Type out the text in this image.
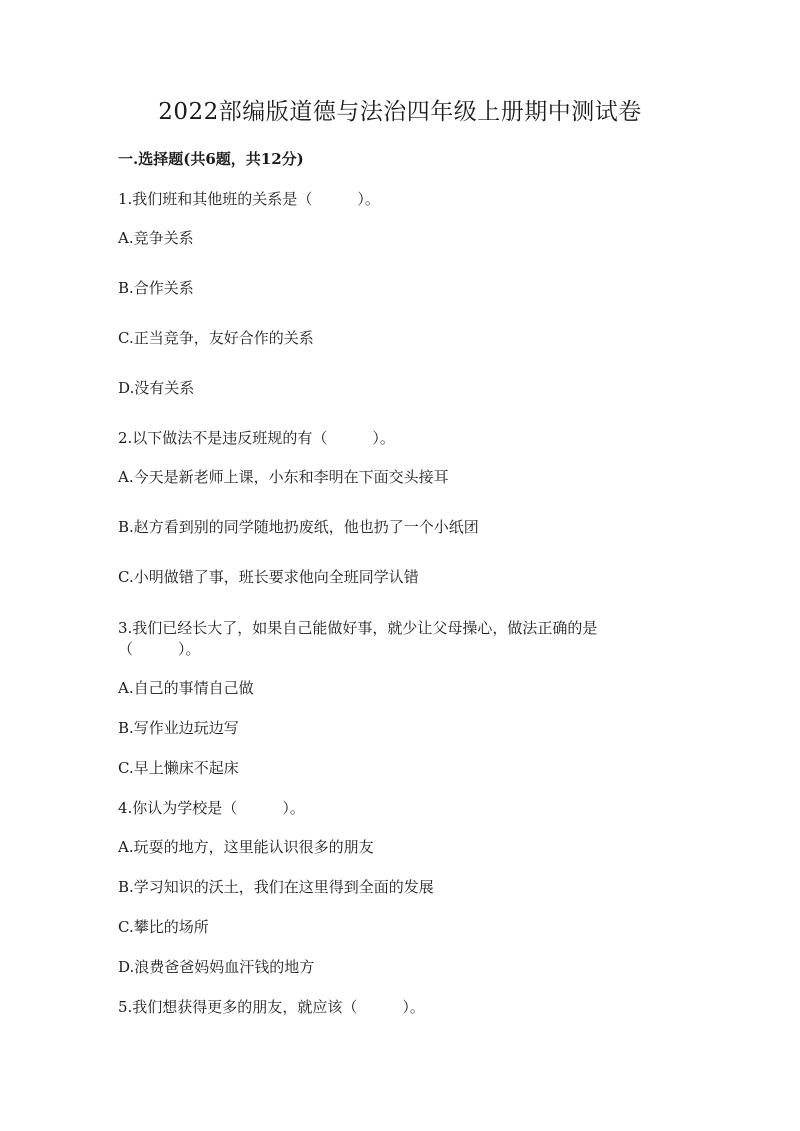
2022部编版道德与法治四年级上册期中测试卷
一.选择题(共6题，共12分)
1.我们班和其他班的关系是（　　　）。
A.竞争关系
B.合作关系
C.正当竞争，友好合作的关系
D.没有关系
2.以下做法不是违反班规的有（　　　）。
A.今天是新老师上课，小东和李明在下面交头接耳
B.赵方看到别的同学随地扔废纸，他也扔了一个小纸团
C.小明做错了事，班长要求他向全班同学认错
3.我们已经长大了，如果自己能做好事，就少让父母操心，做法正确的是
（　　　）。
A.自己的事情自己做
B.写作业边玩边写
C.早上懒床不起床
4.你认为学校是（　　　）。
A.玩耍的地方，这里能认识很多的朋友
B.学习知识的沃土，我们在这里得到全面的发展
C.攀比的场所
D.浪费爸爸妈妈血汗钱的地方
5.我们想获得更多的朋友，就应该（　　　）。
